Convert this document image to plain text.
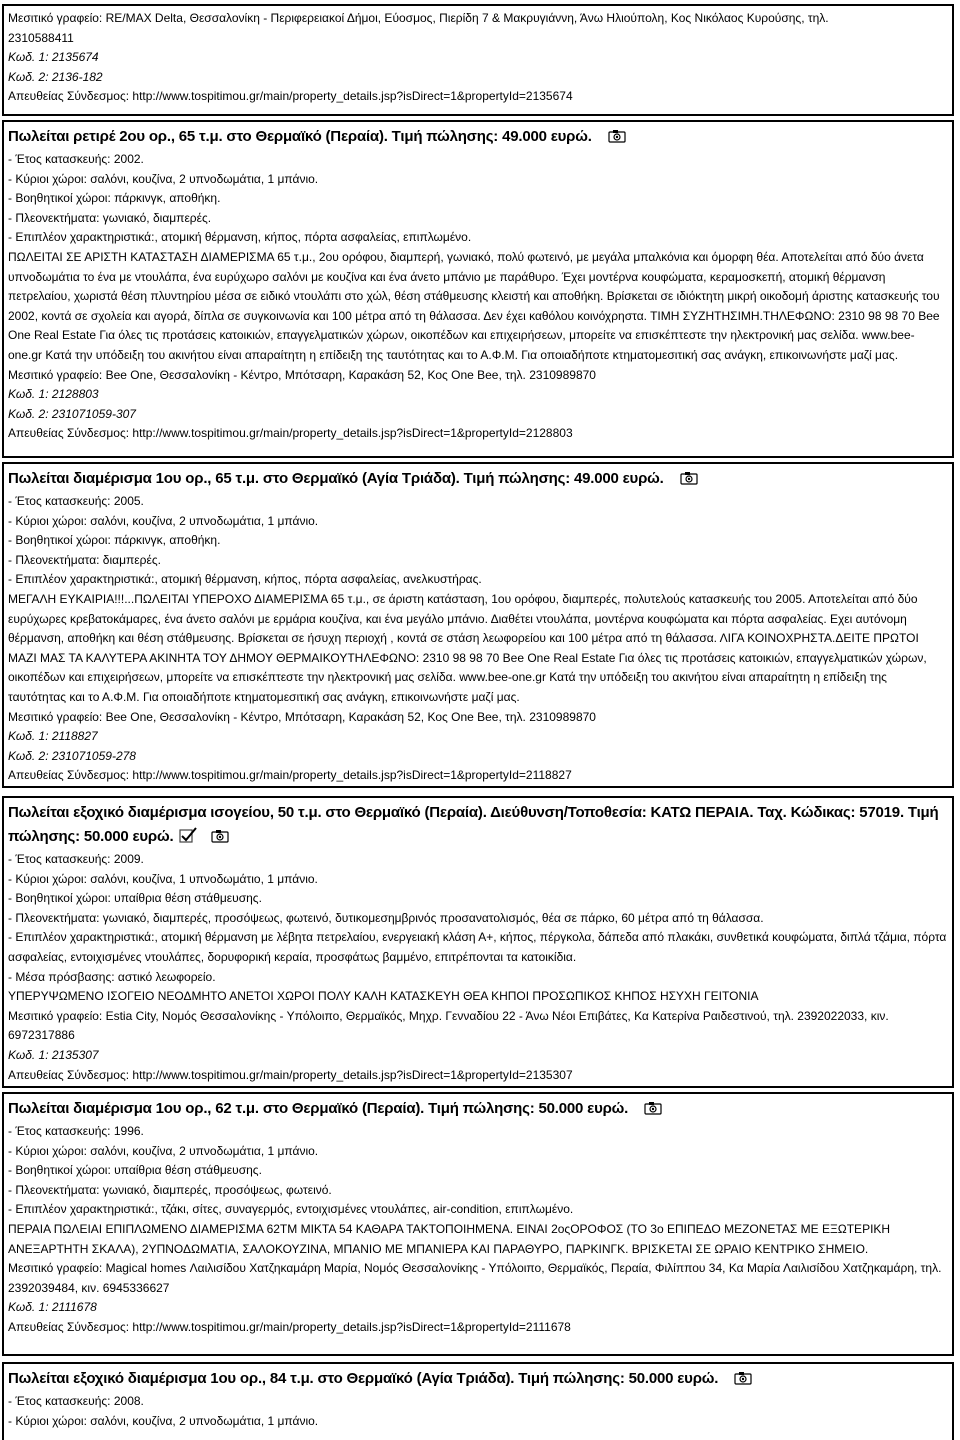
Μεσιτικό γραφείο: RE/MAX Delta, Θεσσαλονίκη - Περιφερειακοί Δήμοι, Εύοσμος, Πιερίδη 7 & Μακρυγιάννη, Άνω Ηλιούπολη, Κος Νικόλαος Κυρούσης, τηλ.
2310588411
Κωδ. 1: 2135674
Κωδ. 2: 2136-182
Απευθείας Σύνδεσμος: http://www.tospitimou.gr/main/property_details.jsp?isDirect=1&propertyId=2135674
Πωλείται ρετιρέ 2ου ορ., 65 τ.μ. στο Θερμαϊκό (Περαία). Τιμή πώλησης: 49.000 ευρώ.
- Έτος κατασκευής: 2002.
- Κύριοι χώροι: σαλόνι, κουζίνα, 2 υπνοδωμάτια, 1 μπάνιο.
- Βοηθητικοί χώροι: πάρκινγκ, αποθήκη.
- Πλεονεκτήματα: γωνιακό, διαμπερές.
- Επιπλέον χαρακτηριστικά:, ατομική θέρμανση, κήπος, πόρτα ασφαλείας, επιπλωμένο.
ΠΩΛΕΙΤΑΙ ΣΕ ΑΡΙΣΤΗ ΚΑΤΑΣΤΑΣΗ ΔΙΑΜΕΡΙΣΜΑ 65 τ.μ., 2ου ορόφου, διαμπερή, γωνιακό, πολύ φωτεινό, με μεγάλα μπαλκόνια και όμορφη θέα. Αποτελείται από δύο άνετα υπνοδωμάτια το ένα με ντουλάπα, ένα ευρύχωρο σαλόνι με κουζίνα και ένα άνετο μπάνιο με παράθυρο. Έχει μοντέρνα κουφώματα, κεραμοσκεπή, ατομική θέρμανση πετρελαίου, χωριστά θέση πλυντηρίου μέσα σε ειδικό ντουλάπι στο χώλ, θέση στάθμευσης κλειστή και αποθήκη. Βρίσκεται σε ιδιόκτητη μικρή οικοδομή άριστης κατασκευής του 2002, κοντά σε σχολεία και αγορά, δίπλα σε συγκοινωνία και 100 μέτρα από τη θάλασσα. Δεν έχει καθόλου κοινόχρηστα. ΤΙΜΗ ΣΥΖΗΤΗΣΙΜΗ.ΤΗΛΕΦΩΝΟ: 2310 98 98 70 Bee One Real Estate Για όλες τις προτάσεις κατοικιών, επαγγελματικών χώρων, οικοπέδων και επιχειρήσεων, μπορείτε να επισκέπτεστε την ηλεκτρονική μας σελίδα. www.bee-one.gr Κατά την υπόδειξη του ακινήτου είναι απαραίτητη η επίδειξη της ταυτότητας και το Α.Φ.Μ. Για οποιαδήποτε κτηματομεσιτική σας ανάγκη, επικοινωνήστε μαζί μας.
Μεσιτικό γραφείο: Bee One, Θεσσαλονίκη - Κέντρο, Μπότσαρη, Καρακάση 52, Κος One Bee, τηλ. 2310989870
Κωδ. 1: 2128803
Κωδ. 2: 231071059-307
Απευθείας Σύνδεσμος: http://www.tospitimou.gr/main/property_details.jsp?isDirect=1&propertyId=2128803
Πωλείται διαμέρισμα 1ου ορ., 65 τ.μ. στο Θερμαϊκό (Αγία Τριάδα). Τιμή πώλησης: 49.000 ευρώ.
- Έτος κατασκευής: 2005.
- Κύριοι χώροι: σαλόνι, κουζίνα, 2 υπνοδωμάτια, 1 μπάνιο.
- Βοηθητικοί χώροι: πάρκινγκ, αποθήκη.
- Πλεονεκτήματα: διαμπερές.
- Επιπλέον χαρακτηριστικά:, ατομική θέρμανση, κήπος, πόρτα ασφαλείας, ανελκυστήρας.
ΜΕΓΑΛΗ ΕΥΚΑΙΡΙΑ!!!...ΠΩΛΕΙΤΑΙ ΥΠΕΡΟΧΟ ΔΙΑΜΕΡΙΣΜΑ 65 τ.μ., σε άριστη κατάσταση, 1ου ορόφου, διαμπερές, πολυτελούς κατασκευής του 2005. Αποτελείται από δύο ευρύχωρες κρεβατοκάμαρες, ένα άνετο σαλόνι με ερμάρια κουζίνα, και ένα μεγάλο μπάνιο. Διαθέτει ντουλάπα, μοντέρνα κουφώματα και πόρτα ασφαλείας. Εχει αυτόνομη θέρμανση, αποθήκη και θέση στάθμευσης. Βρίσκεται σε ήσυχη περιοχή , κοντά σε στάση λεωφορείου και 100 μέτρα από τη θάλασσα. ΛΙΓΑ ΚΟΙΝΟΧΡΗΣΤΑ.ΔΕΙΤΕ ΠΡΩΤΟΙ ΜΑΖΙ ΜΑΣ ΤΑ ΚΑΛΥΤΕΡΑ ΑΚΙΝΗΤΑ ΤΟΥ ΔΗΜΟΥ ΘΕΡΜΑΙΚΟΥΤΗΛΕΦΩΝΟ: 2310 98 98 70 Bee One Real Estate Για όλες τις προτάσεις κατοικιών, επαγγελματικών χώρων, οικοπέδων και επιχειρήσεων, μπορείτε να επισκέπτεστε την ηλεκτρονική μας σελίδα. www.bee-one.gr Κατά την υπόδειξη του ακινήτου είναι απαραίτητη η επίδειξη της ταυτότητας και το Α.Φ.Μ. Για οποιαδήποτε κτηματομεσιτική σας ανάγκη, επικοινωνήστε μαζί μας.
Μεσιτικό γραφείο: Bee One, Θεσσαλονίκη - Κέντρο, Μπότσαρη, Καρακάση 52, Κος One Bee, τηλ. 2310989870
Κωδ. 1: 2118827
Κωδ. 2: 231071059-278
Απευθείας Σύνδεσμος: http://www.tospitimou.gr/main/property_details.jsp?isDirect=1&propertyId=2118827
Πωλείται εξοχικό διαμέρισμα ισογείου, 50 τ.μ. στο Θερμαϊκό (Περαία). Διεύθυνση/Τοποθεσία: ΚΑΤΩ ΠΕΡΑΙΑ. Ταχ. Κώδικας: 57019. Τιμή πώλησης: 50.000 ευρώ.
- Έτος κατασκευής: 2009.
- Κύριοι χώροι: σαλόνι, κουζίνα, 1 υπνοδωμάτιο, 1 μπάνιο.
- Βοηθητικοί χώροι: υπαίθρια θέση στάθμευσης.
- Πλεονεκτήματα: γωνιακό, διαμπερές, προσόψεως, φωτεινό, δυτικομεσημβρινός προσανατολισμός, θέα σε πάρκο, 60 μέτρα από τη θάλασσα.
- Επιπλέον χαρακτηριστικά:, ατομική θέρμανση με λέβητα πετρελαίου, ενεργειακή κλάση Α+, κήπος, πέργκολα, δάπεδα από πλακάκι, συνθετικά κουφώματα, διπλά τζάμια, πόρτα ασφαλείας, εντοιχισμένες ντουλάπες, δορυφορική κεραία, προσφάτως βαμμένο, επιτρέπονται τα κατοικίδια.
- Μέσα πρόσβασης: αστικό λεωφορείο.
ΥΠΕΡΥΨΩΜΕΝΟ ΙΣΟΓΕΙΟ ΝΕΟΔΜΗΤΟ ΑΝΕΤΟΙ ΧΩΡΟΙ ΠΟΛΥ ΚΑΛΗ ΚΑΤΑΣΚΕΥΗ ΘΕΑ ΚΗΠΟΙ ΠΡΟΣΩΠΙΚΟΣ ΚΗΠΟΣ ΗΣΥΧΗ ΓΕΙΤΟΝΙΑ
Μεσιτικό γραφείο: Estia City, Νομός Θεσσαλονίκης - Υπόλοιπο, Θερμαϊκός, Μηχρ. Γενναδίου 22 - Άνω Νέοι Επιβάτες, Κα Κατερίνα Ραιδεστινού, τηλ. 2392022033, κιν. 6972317886
Κωδ. 1: 2135307
Απευθείας Σύνδεσμος: http://www.tospitimou.gr/main/property_details.jsp?isDirect=1&propertyId=2135307
Πωλείται διαμέρισμα 1ου ορ., 62 τ.μ. στο Θερμαϊκό (Περαία). Τιμή πώλησης: 50.000 ευρώ.
- Έτος κατασκευής: 1996.
- Κύριοι χώροι: σαλόνι, κουζίνα, 2 υπνοδωμάτια, 1 μπάνιο.
- Βοηθητικοί χώροι: υπαίθρια θέση στάθμευσης.
- Πλεονεκτήματα: γωνιακό, διαμπερές, προσόψεως, φωτεινό.
- Επιπλέον χαρακτηριστικά:, τζάκι, σίτες, συναγερμός, εντοιχισμένες ντουλάπες, air-condition, επιπλωμένο.
ΠΕΡΑΙΑ ΠΩΛΕΙΑΙ ΕΠΙΠΛΩΜΕΝΟ ΔΙΑΜΕΡΙΣΜΑ 62ΤΜ ΜΙΚΤΑ 54 ΚΑΘΑΡΑ ΤΑΚΤΟΠΟΙΗΜΕΝΑ. ΕΙΝΑΙ 2οςΟΡΟΦΟΣ (ΤΟ 3ο ΕΠΙΠΕΔΟ ΜΕΖΟΝΕΤΑΣ ΜΕ ΕΞΩΤΕΡΙΚΗ ΑΝΕΞΑΡΤΗΤΗ ΣΚΑΛΑ), 2ΥΠΝΟΔΩΜΑΤΙΑ, ΣΑΛΟΚΟΥΖΙΝΑ, ΜΠΑΝΙΟ ΜΕ ΜΠΑΝΙΕΡΑ ΚΑΙ ΠΑΡΑΘΥΡΟ, ΠΑΡΚΙΝΓΚ. ΒΡΙΣΚΕΤΑΙ ΣΕ ΩΡΑΙΟ ΚΕΝΤΡΙΚΟ ΣΗΜΕΙΟ.
Μεσιτικό γραφείο: Magical homes Λαιλισίδου Χατζηκαμάρη Μαρία, Νομός Θεσσαλονίκης - Υπόλοιπο, Θερμαϊκός, Περαία, Φιλίππου 34, Κα Μαρία Λαιλισίδου Χατζηκαμάρη, τηλ. 2392039484, κιν. 6945336627
Κωδ. 1: 2111678
Απευθείας Σύνδεσμος: http://www.tospitimou.gr/main/property_details.jsp?isDirect=1&propertyId=2111678
Πωλείται εξοχικό διαμέρισμα 1ου ορ., 84 τ.μ. στο Θερμαϊκό (Αγία Τριάδα). Τιμή πώλησης: 50.000 ευρώ.
- Έτος κατασκευής: 2008.
- Κύριοι χώροι: σαλόνι, κουζίνα, 2 υπνοδωμάτια, 1 μπάνιο.
